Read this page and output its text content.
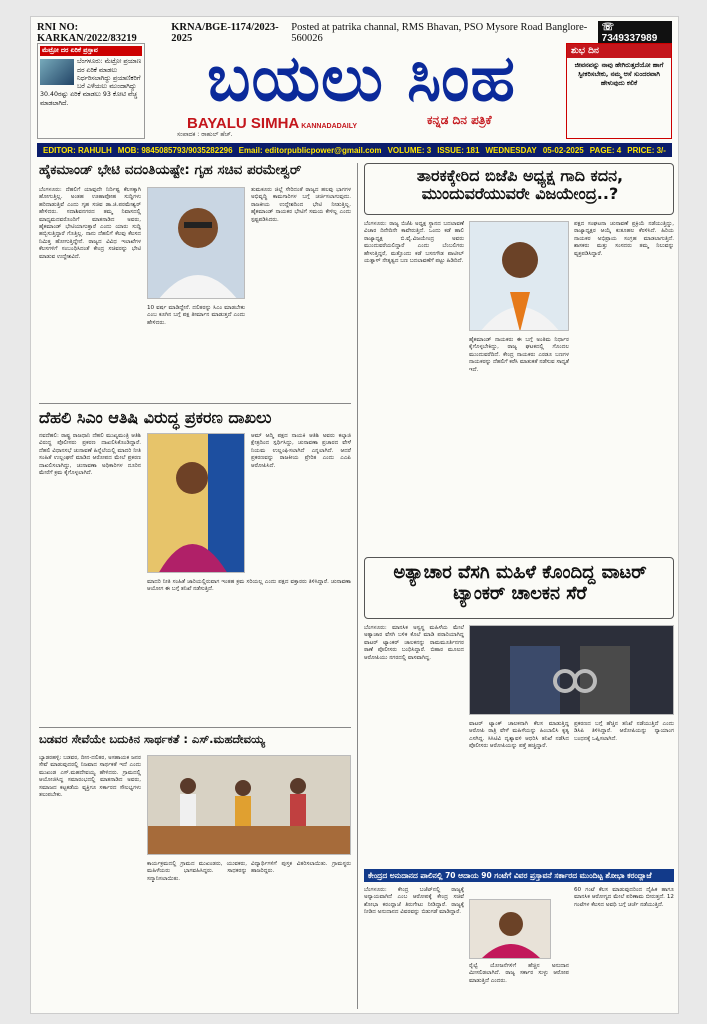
RNI NO: KARKAN/2022/83219
KRNA/BGE-1174/2023-2025
Posted at patrika channal, RMS Bhavan, PSO Mysore Road Banglore-560026
☏ 7349337989
ಮೆಟ್ರೋ ದರ ಏರಿಕೆ ಪ್ರಸ್ತಾವ
ಬೆಂಗಳೂರು: ಮೆಟ್ರೋ ಪ್ರಯಾಣ ದರ ಏರಿಕೆ ಮಾಡಲು ನಿರ್ಧರಿಸಲಾಗಿದ್ದು ಪ್ರಯಾಣಿಕರಿಗೆ ಬರೆ ಎಳೆಯಲು ಮುಂದಾಗಿದ್ದು 30.40ರಷ್ಟು ಏರಿಕೆ ಮಾಡಲು 93 ಕೋಟಿ ವೆಚ್ಚ ಮಾಡಲಾಗಿದೆ.	ಬಯಲು ಸಿಂಹ
ಸಂಪಾದಕ : ರಾಹುಲ್ ಹೆಚ್.
BAYALU SIMHA KANNADADAILY	ಕನ್ನಡ ದಿನ ಪತ್ರಿಕೆ
ಶುಭ ದಿನ
ಜೀವನವನ್ನು ನಾವು ಹೇಗಿರುತ್ತದೆಯೋ ಹಾಗೆ ಸ್ವೀಕರಿಸಬೇಕು, ನಮ್ಮ ಆಸೆ ಸುಂದರವಾಗಿ ಹೇಳುವುದು ಕಲಿಕೆ
EDITOR: RAHULH MOB: 9845085793/9035282296 Email: editorpublicpower@gmail.com VOLUME: 3 ISSUE: 181 WEDNESDAY 05-02-2025 PAGE: 4 PRICE: 3/-
ಹೈಕಮಾಂಡ್ ಭೇಟಿ ವದಂತಿಯಷ್ಟೇ: ಗೃಹ ಸಚಿವ ಪರಮೇಶ್ವರ್
ಬೆಂಗಳೂರು: ದೆಹಲಿಗೆ ಯಾವುದೇ ನಿರ್ದಿಷ್ಟ ಕೆಲಸಕ್ಕಾಗಿ ಹೋಗುತ್ತಿಲ್ಲ. ಅಂತಹ ಊಹಾಪೋಹ ಸುದ್ದಿಗಳು ಹರಿದಾಡುತ್ತಿವೆ ಎಂದು ಗೃಹ ಸಚಿವ ಡಾ.ಜಿ.ಪರಮೇಶ್ವರ್ ಹೇಳಿದರು. ಸದಾಶಿವನಗರದ ತಮ್ಮ ನಿವಾಸದಲ್ಲಿ ಮಾಧ್ಯಮದವರೊಂದಿಗೆ ಮಾತನಾಡಿದ ಅವರು, ಹೈಕಮಾಂಡ್ ಭೇಟಿಯಾಗುತ್ತಾರೆ ಎಂದು ಯಾರು ಸುದ್ದಿ ಹಬ್ಬಿಸುತ್ತಿದ್ದಾರೆ ಗೊತ್ತಿಲ್ಲ. ನಾನು ದೆಹಲಿಗೆ ಕೆಲವು ಕೆಲಸದ ನಿಮಿತ್ತ ಹೋಗುತ್ತಿದ್ದೇನೆ. ರಾಜ್ಯದ ವಿವಿಧ ಇಲಾಖೆಗಳ ಕೆಲಸಗಳಿಗೆ ಸಂಬಂಧಿಸಿದಂತೆ ಕೇಂದ್ರ ಸಚಿವರನ್ನು ಭೇಟಿ ಮಾಡುವ ಉದ್ದೇಶವಿದೆ.
ತುಮಕೂರು ಜಿಲ್ಲೆ ಸೇರಿದಂತೆ ರಾಜ್ಯದ ಹಲವು ಭಾಗಗಳ ಅಭಿವೃದ್ಧಿ ಕಾಮಗಾರಿಗಳ ಬಗ್ಗೆ ಚರ್ಚಿಸಲಾಗುವುದು. ರಾಜಕೀಯ ಉದ್ದೇಶದಿಂದ ಭೇಟಿ ನೀಡುತ್ತಿಲ್ಲ. ಹೈಕಮಾಂಡ್ ನಾಯಕರ ಭೇಟಿಗೆ ಸಮಯ ಕೇಳಿಲ್ಲ ಎಂದು ಸ್ಪಷ್ಟಪಡಿಸಿದರು.
10 ವರ್ಷ ಮಾಡಿದ್ದೇನೆ. ದಲಿತರನ್ನು ಸಿಎಂ ಮಾಡಬೇಕು ಎಂಬ ಕೂಗಿನ ಬಗ್ಗೆ ಪಕ್ಷ ತೀರ್ಮಾನ ಮಾಡುತ್ತದೆ ಎಂದು ಹೇಳಿದರು.
ದೆಹಲಿ ಸಿಎಂ ಆತಿಷಿ ವಿರುದ್ಧ ಪ್ರಕರಣ ದಾಖಲು
ನವದೆಹಲಿ: ರಾಷ್ಟ್ರ ರಾಜಧಾನಿ ದೆಹಲಿ ಮುಖ್ಯಮಂತ್ರಿ ಆತಿಶಿ ವಿರುದ್ಧ ಪೊಲೀಸರು ಪ್ರಕರಣ ದಾಖಲಿಸಿಕೊಂಡಿದ್ದಾರೆ. ದೆಹಲಿ ವಿಧಾನಸಭೆ ಚುನಾವಣೆ ಹಿನ್ನೆಲೆಯಲ್ಲಿ ಮಾದರಿ ನೀತಿ ಸಂಹಿತೆ ಉಲ್ಲಂಘನೆ ಮಾಡಿದ ಆರೋಪದ ಮೇಲೆ ಪ್ರಕರಣ ದಾಖಲಿಸಲಾಗಿದ್ದು, ಚುನಾವಣಾ ಅಧಿಕಾರಿಗಳ ದೂರಿನ ಮೇರೆಗೆ ಕ್ರಮ ಕೈಗೊಳ್ಳಲಾಗಿದೆ.
ಆಮ್ ಆದ್ಮಿ ಪಕ್ಷದ ನಾಯಕಿ ಆತಿಶಿ ಅವರು ಕಲ್ಕಾಜಿ ಕ್ಷೇತ್ರದಿಂದ ಸ್ಪರ್ಧಿಸಿದ್ದು, ಚುನಾವಣಾ ಪ್ರಚಾರದ ವೇಳೆ ನಿಯಮ ಉಲ್ಲಂಘಿಸಲಾಗಿದೆ ಎನ್ನಲಾಗಿದೆ. ಆದರೆ ಪ್ರಕರಣವನ್ನು ರಾಜಕೀಯ ಪ್ರೇರಿತ ಎಂದು ಎಎಪಿ ಆರೋಪಿಸಿದೆ.
ಮಾದರಿ ನೀತಿ ಸಂಹಿತೆ ಜಾರಿಯಲ್ಲಿರುವಾಗ ಇಂತಹ ಕ್ರಮ ಸರಿಯಲ್ಲ ಎಂದು ಪಕ್ಷದ ವಕ್ತಾರರು ತಿಳಿಸಿದ್ದಾರೆ. ಚುನಾವಣಾ ಆಯೋಗ ಈ ಬಗ್ಗೆ ತನಿಖೆ ನಡೆಸುತ್ತಿದೆ.
ಬಡವರ ಸೇವೆಯೇ ಬದುಕಿನ ಸಾರ್ಥಕತೆ : ಎಸ್.ಮಹದೇವಯ್ಯ
ಬ್ಯಾಡರಹಳ್ಳಿ: ಬಡವರ, ದೀನ-ದಲಿತರ, ಅಸಹಾಯಕ ಜನರ ಸೇವೆ ಮಾಡುವುದರಲ್ಲಿ ನಿಜವಾದ ಸಾರ್ಥಕತೆ ಇದೆ ಎಂದು ಮುಖಂಡ ಎಸ್.ಮಹದೇವಯ್ಯ ಹೇಳಿದರು. ಗ್ರಾಮದಲ್ಲಿ ಆಯೋಜಿಸಿದ್ದ ಸಮಾರಂಭದಲ್ಲಿ ಮಾತನಾಡಿದ ಅವರು, ಸಮಾಜದ ಕಟ್ಟಕಡೆಯ ವ್ಯಕ್ತಿಗೂ ಸರ್ಕಾರದ ಸೌಲಭ್ಯಗಳು ತಲುಪಬೇಕು.
ಕಾರ್ಯಕ್ರಮದಲ್ಲಿ ಗ್ರಾಮದ ಮುಖಂಡರು, ಯುವಕರು, ಮಹಿಳೆಯರು ಭಾಗವಹಿಸಿದ್ದರು. ಸಾಧಕರನ್ನು ಸನ್ಮಾನಿಸಲಾಯಿತು.
ವಿದ್ಯಾರ್ಥಿಗಳಿಗೆ ಪುಸ್ತಕ ವಿತರಿಸಲಾಯಿತು. ಗ್ರಾಮಸ್ಥರು ಹಾಜರಿದ್ದರು.
ತಾರಕಕ್ಕೇರಿದ ಬಿಜೆಪಿ ಅಧ್ಯಕ್ಷ ಗಾದಿ ಕದನ, ಮುಂದುವರೆಯುವರೇ ವಿಜಯೇಂದ್ರ..?
ಬೆಂಗಳೂರು: ರಾಜ್ಯ ಬಿಜೆಪಿ ಅಧ್ಯಕ್ಷ ಸ್ಥಾನದ ಬದಲಾವಣೆ ವಿಚಾರ ದಿನೇದಿನೇ ಕಾವೇರುತ್ತಿದೆ. ಒಂದು ಕಡೆ ಹಾಲಿ ರಾಜ್ಯಾಧ್ಯಕ್ಷ ಬಿ.ವೈ.ವಿಜಯೇಂದ್ರ ಅವರು ಮುಂದುವರೆಯಲಿದ್ದಾರೆ ಎಂದು ಬೆಂಬಲಿಗರು ಹೇಳುತ್ತಿದ್ದರೆ, ಮತ್ತೊಂದು ಕಡೆ ಬಸನಗೌಡ ಪಾಟೀಲ್ ಯತ್ನಾಳ್ ನೇತೃತ್ವದ ಬಣ ಬದಲಾವಣೆಗೆ ಪಟ್ಟು ಹಿಡಿದಿದೆ.
ಹೈಕಮಾಂಡ್ ನಾಯಕರು ಈ ಬಗ್ಗೆ ಅಂತಿಮ ನಿರ್ಧಾರ ಕೈಗೊಳ್ಳಬೇಕಿದ್ದು, ರಾಜ್ಯ ಘಟಕದಲ್ಲಿ ಗೊಂದಲ ಮುಂದುವರೆದಿದೆ. ಕೇಂದ್ರ ನಾಯಕರು ಎರಡೂ ಬಣಗಳ ನಾಯಕರನ್ನು ದೆಹಲಿಗೆ ಕರೆಸಿ ಮಾತುಕತೆ ನಡೆಸುವ ಸಾಧ್ಯತೆ ಇದೆ.
ಪಕ್ಷದ ಸಂಘಟನಾ ಚುನಾವಣೆ ಪ್ರಕ್ರಿಯೆ ನಡೆಯುತ್ತಿದ್ದು, ರಾಜ್ಯಾಧ್ಯಕ್ಷರ ಆಯ್ಕೆ ಕುತೂಹಲ ಕೆರಳಿಸಿದೆ. ಹಿರಿಯ ನಾಯಕರ ಅಭಿಪ್ರಾಯ ಸಂಗ್ರಹ ಮಾಡಲಾಗುತ್ತಿದೆ. ಶಾಸಕರು ಮತ್ತು ಸಂಸದರು ತಮ್ಮ ನಿಲುವನ್ನು ವ್ಯಕ್ತಪಡಿಸಿದ್ದಾರೆ.
ಅತ್ಯಾಚಾರ ವೆಸಗಿ ಮಹಿಳೆ ಕೊಂದಿದ್ದ ವಾಟರ್ ಟ್ಯಾಂಕರ್ ಚಾಲಕನ ಸೆರೆ
ಬೆಂಗಳೂರು: ಮಾನಸಿಕ ಅಸ್ವಸ್ಥ ಮಹಿಳೆಯ ಮೇಲೆ ಅತ್ಯಾಚಾರ ವೆಸಗಿ ಬಳಿಕ ಕೊಲೆ ಮಾಡಿ ಪರಾರಿಯಾಗಿದ್ದ ವಾಟರ್ ಟ್ಯಾಂಕರ್ ಚಾಲಕನನ್ನು ರಾಮಮೂರ್ತಿನಗರ ಠಾಣೆ ಪೊಲೀಸರು ಬಂಧಿಸಿದ್ದಾರೆ. ಬಿಹಾರ ಮೂಲದ ಆರೋಪಿಯು ನಗರದಲ್ಲಿ ವಾಸವಾಗಿದ್ದ.
ವಾಟರ್ ಟ್ಯಾಂಕ್ ಚಾಲಕನಾಗಿ ಕೆಲಸ ಮಾಡುತ್ತಿದ್ದ ಆರೋಪಿ ರಾತ್ರಿ ವೇಳೆ ಮಹಿಳೆಯನ್ನು ಹಿಂಬಾಲಿಸಿ ಕೃತ್ಯ ಎಸಗಿದ್ದ. ಸಿಸಿಟಿವಿ ದೃಶ್ಯಾವಳಿ ಆಧರಿಸಿ ತನಿಖೆ ನಡೆಸಿದ ಪೊಲೀಸರು ಆರೋಪಿಯನ್ನು ಪತ್ತೆ ಹಚ್ಚಿದ್ದಾರೆ.
ಪ್ರಕರಣದ ಬಗ್ಗೆ ಹೆಚ್ಚಿನ ತನಿಖೆ ನಡೆಯುತ್ತಿದೆ ಎಂದು ಡಿಸಿಪಿ ತಿಳಿಸಿದ್ದಾರೆ. ಆರೋಪಿಯನ್ನು ನ್ಯಾಯಾಂಗ ಬಂಧನಕ್ಕೆ ಒಪ್ಪಿಸಲಾಗಿದೆ.
ಕೇಂದ್ರದ ಅನುದಾನದ ಪಾಲಿನಲ್ಲಿ 70 ಆದಾಯ 90 ಗಂಟೆಗೆ ವಿವರ ಪ್ರಸ್ತಾವನೆ ಸರ್ಕಾರದ ಮುಂದಿಟ್ಟ ಶೋಭಾ ಕರಂದ್ಲಾಜೆ
ಬೆಂಗಳೂರು: ಕೇಂದ್ರ ಬಜೆಟ್‌ನಲ್ಲಿ ರಾಜ್ಯಕ್ಕೆ ಅನ್ಯಾಯವಾಗಿದೆ ಎಂಬ ಆರೋಪಕ್ಕೆ ಕೇಂದ್ರ ಸಚಿವೆ ಶೋಭಾ ಕರಂದ್ಲಾಜೆ ತಿರುಗೇಟು ನೀಡಿದ್ದಾರೆ. ರಾಜ್ಯಕ್ಕೆ ನೀಡಿದ ಅನುದಾನದ ವಿವರವನ್ನು ಬಿಡುಗಡೆ ಮಾಡಿದ್ದಾರೆ.
ರೈಲ್ವೆ ಯೋಜನೆಗಳಿಗೆ ಹೆಚ್ಚಿನ ಅನುದಾನ ಮೀಸಲಿಡಲಾಗಿದೆ. ರಾಜ್ಯ ಸರ್ಕಾರ ಸುಳ್ಳು ಆರೋಪ ಮಾಡುತ್ತಿದೆ ಎಂದರು.
60 ಗಂಟೆ ಕೆಲಸ ಮಾಡುವುದರಿಂದ ದೈಹಿಕ ಹಾಗೂ ಮಾನಸಿಕ ಆರೋಗ್ಯದ ಮೇಲೆ ಪರಿಣಾಮ ಬೀರುತ್ತದೆ. 12 ಗಂಟೆಗಳ ಕೆಲಸದ ಅವಧಿ ಬಗ್ಗೆ ಚರ್ಚೆ ನಡೆಯುತ್ತಿದೆ.
